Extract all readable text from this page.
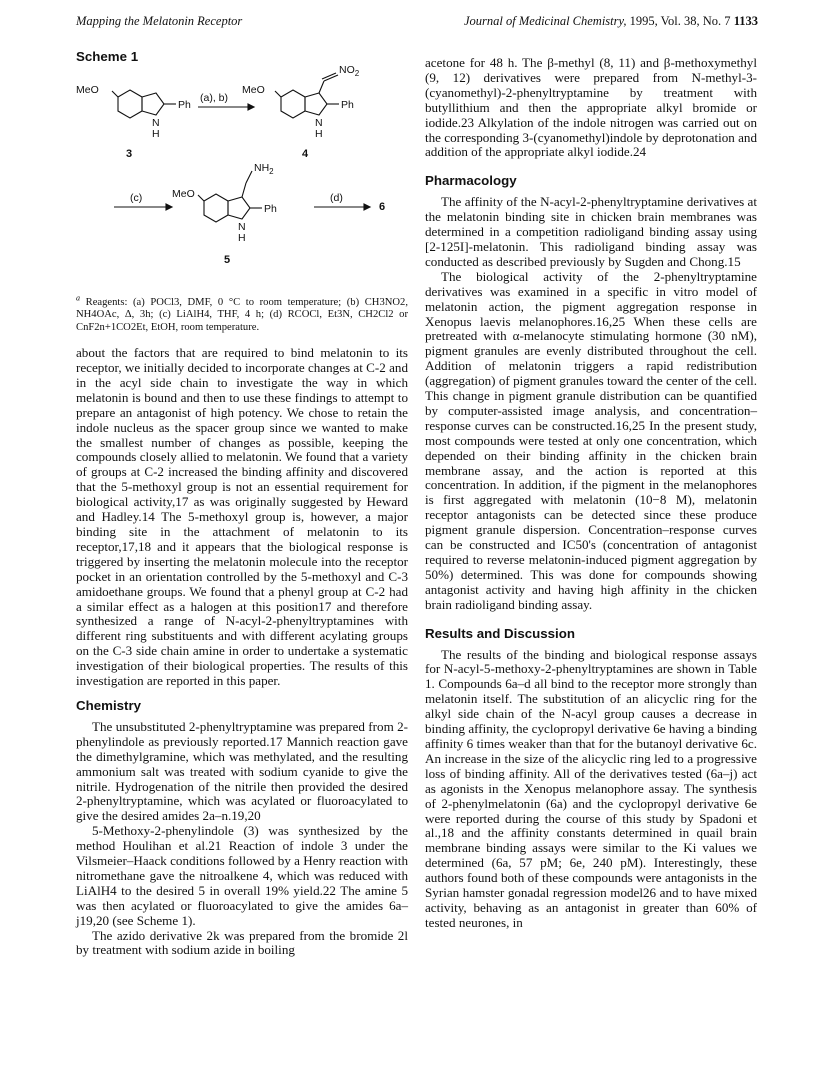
Mapping the Melatonin Receptor	Journal of Medicinal Chemistry, 1995, Vol. 38, No. 7 1133
Scheme 1
MeO
Ph
N
H
(a), b)
MeO
Ph
N
H
$NO_2$
3	4
(c)	MeO
Ph
N
H
$NH_2$
(d)
6
5
$^a$ Reagents: (a) POCl3, DMF, 0 °C to room temperature; (b) CH3NO2, NH4OAc, Δ, 3h; (c) LiAlH4, THF, 4 h; (d) RCOCl, Et3N, CH2Cl2 or CnF2n+1CO2Et, EtOH, room temperature.

about the factors that are required to bind melatonin to its receptor, we initially decided to incorporate changes at C-2 and in the acyl side chain to investigate the way in which melatonin is bound and then to use these findings to attempt to prepare an antagonist of high potency. We chose to retain the indole nucleus as the spacer group since we wanted to make the smallest number of changes as possible, keeping the compounds closely allied to melatonin. We found that a variety of groups at C-2 increased the binding affinity and discovered that the 5-methoxyl group is not an essential requirement for biological activity,17 as was originally suggested by Heward and Hadley.14 The 5-methoxyl group is, however, a major binding site in the attachment of melatonin to its receptor,17,18 and it appears that the biological response is triggered by inserting the melatonin molecule into the receptor pocket in an orientation controlled by the 5-methoxyl and C-3 amidoethane groups. We found that a phenyl group at C-2 had a similar effect as a halogen at this position17 and therefore synthesized a range of N-acyl-2-phenyltryptamines with different ring substituents and with different acylating groups on the C-3 side chain amine in order to undertake a systematic investigation of their biological properties. The results of this investigation are reported in this paper.

Chemistry

The unsubstituted 2-phenyltryptamine was prepared from 2-phenylindole as previously reported.17 Mannich reaction gave the dimethylgramine, which was methylated, and the resulting ammonium salt was treated with sodium cyanide to give the nitrile. Hydrogenation of the nitrile then provided the desired 2-phenyltryptamine, which was acylated or fluoroacylated to give the desired amides 2a–n.19,20

5-Methoxy-2-phenylindole (3) was synthesized by the method Houlihan et al.21 Reaction of indole 3 under the Vilsmeier–Haack conditions followed by a Henry reaction with nitromethane gave the nitroalkene 4, which was reduced with LiAlH4 to the desired 5 in overall 19% yield.22 The amine 5 was then acylated or fluoroacylated to give the amides 6a–j19,20 (see Scheme 1).

The azido derivative 2k was prepared from the bromide 2l by treatment with sodium azide in boiling

acetone for 48 h. The β-methyl (8, 11) and β-methoxymethyl (9, 12) derivatives were prepared from N-methyl-3-(cyanomethyl)-2-phenyltryptamine by treatment with butyllithium and then the appropriate alkyl bromide or iodide.23 Alkylation of the indole nitrogen was carried out on the corresponding 3-(cyanomethyl)indole by deprotonation and addition of the appropriate alkyl iodide.24

Pharmacology

The affinity of the N-acyl-2-phenyltryptamine derivatives at the melatonin binding site in chicken brain membranes was determined in a competition radioligand binding assay using [2-125I]-melatonin. This radioligand binding assay was conducted as described previously by Sugden and Chong.15

The biological activity of the 2-phenyltryptamine derivatives was examined in a specific in vitro model of melatonin action, the pigment aggregation response in Xenopus laevis melanophores.16,25 When these cells are pretreated with α-melanocyte stimulating hormone (30 nM), pigment granules are evenly distributed throughout the cell. Addition of melatonin triggers a rapid redistribution (aggregation) of pigment granules toward the center of the cell. This change in pigment granule distribution can be quantified by computer-assisted image analysis, and concentration–response curves can be constructed.16,25 In the present study, most compounds were tested at only one concentration, which depended on their binding affinity in the chicken brain membrane assay, and the action is reported at this concentration. In addition, if the pigment in the melanophores is first aggregated with melatonin (10−8 M), melatonin receptor antagonists can be detected since these produce pigment granule dispersion. Concentration–response curves can be constructed and IC50's (concentration of antagonist required to reverse melatonin-induced pigment aggregation by 50%) determined. This was done for compounds showing antagonist activity and having high affinity in the chicken brain radioligand binding assay.

Results and Discussion

The results of the binding and biological response assays for N-acyl-5-methoxy-2-phenyltryptamines are shown in Table 1. Compounds 6a–d all bind to the receptor more strongly than melatonin itself. The substitution of an alicyclic ring for the alkyl side chain of the N-acyl group causes a decrease in binding affinity, the cyclopropyl derivative 6e having a binding affinity 6 times weaker than that for the butanoyl derivative 6c. An increase in the size of the alicyclic ring led to a progressive loss of binding affinity. All of the derivatives tested (6a–j) act as agonists in the Xenopus melanophore assay. The synthesis of 2-phenylmelatonin (6a) and the cyclopropyl derivative 6e were reported during the course of this study by Spadoni et al.,18 and the affinity constants determined in quail brain membrane binding assays were similar to the Ki values we determined (6a, 57 pM; 6e, 240 pM). Interestingly, these authors found both of these compounds were antagonists in the Syrian hamster gonadal regression model26 and to have mixed activity, behaving as an antagonist in greater than 60% of tested neurones, in
